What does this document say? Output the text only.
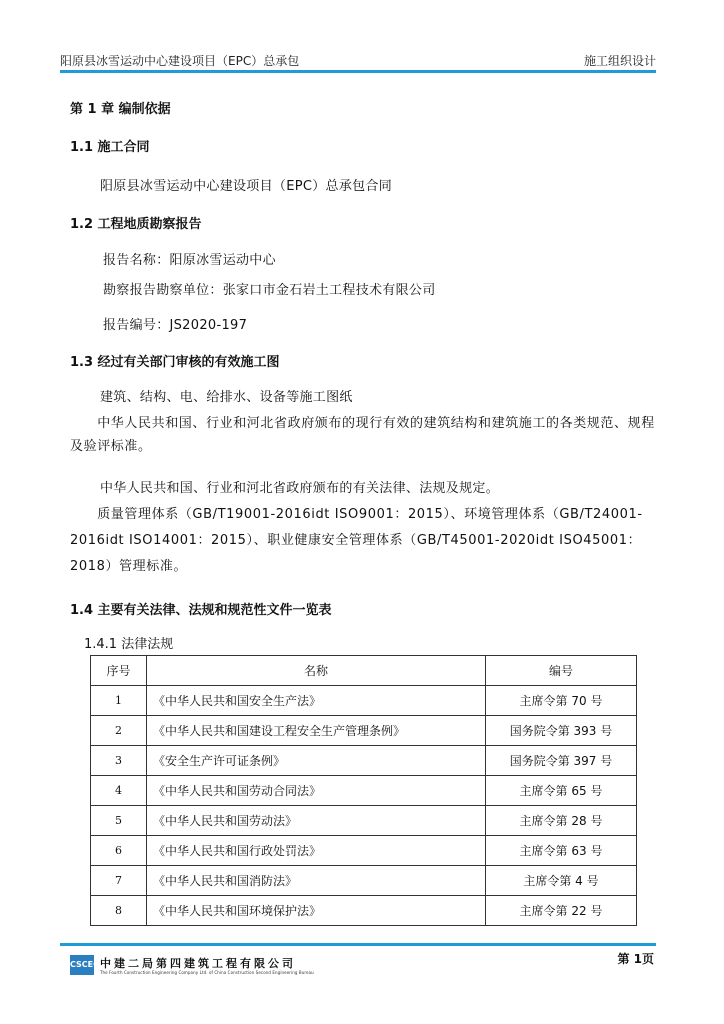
阳原县冰雪运动中心建设项目（EPC）总承包	施工组织设计
第 1 章 编制依据
1.1 施工合同
阳原县冰雪运动中心建设项目（EPC）总承包合同
1.2 工程地质勘察报告
报告名称：阳原冰雪运动中心
勘察报告勘察单位：张家口市金石岩土工程技术有限公司
报告编号：JS2020-197
1.3 经过有关部门审核的有效施工图
建筑、结构、电、给排水、设备等施工图纸
　　中华人民共和国、行业和河北省政府颁布的现行有效的建筑结构和建筑施工的各类规范、规程及验评标准。
中华人民共和国、行业和河北省政府颁布的有关法律、法规及规定。
　　质量管理体系（GB/T19001-2016idt ISO9001：2015）、环境管理体系（GB/T24001-2016idt ISO14001：2015）、职业健康安全管理体系（GB/T45001-2020idt ISO45001：2018）管理标准。
1.4 主要有关法律、法规和规范性文件一览表
1.4.1 法律法规
序号	名称	编号
1	《中华人民共和国安全生产法》	主席令第 70 号
2	《中华人民共和国建设工程安全生产管理条例》	国务院令第 393 号
3	《安全生产许可证条例》	国务院令第 397 号
4	《中华人民共和国劳动合同法》	主席令第 65 号
5	《中华人民共和国劳动法》	主席令第 28 号
6	《中华人民共和国行政处罚法》	主席令第 63 号
7	《中华人民共和国消防法》	主席令第 4 号
8	《中华人民共和国环境保护法》	主席令第 22 号
CSCEC 中建二局第四建筑工程有限公司
The Fourth Construction Engineering Company Ltd. of China Construction Second Engineering Bureau
第 1页
